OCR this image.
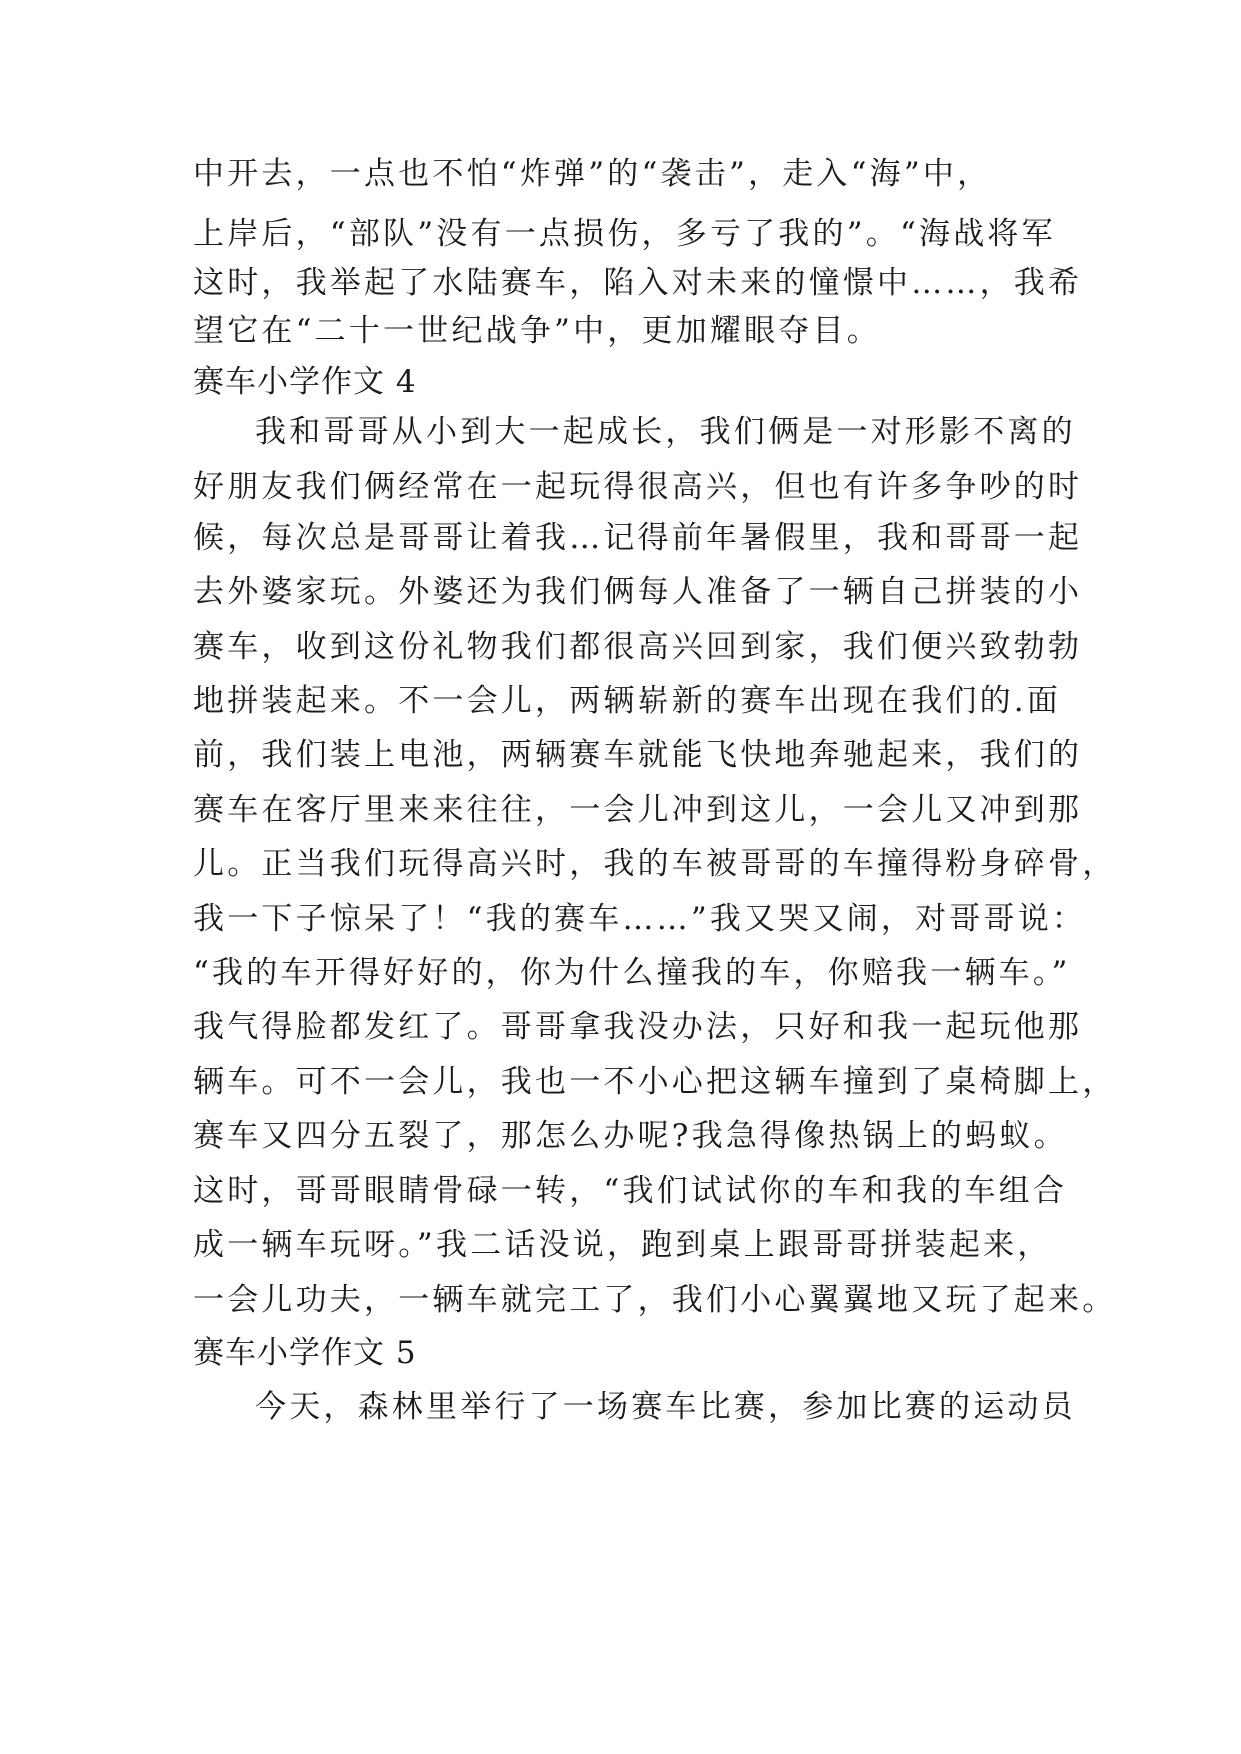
中开去，一点也不怕“炸弹”的“袭击”，走入“海”中，
上岸后，“部队”没有一点损伤，多亏了我的”。“海战将军
这时，我举起了水陆赛车，陷入对未来的憧憬中……，我希
望它在“二十一世纪战争”中，更加耀眼夺目。
赛车小学作文 4
我和哥哥从小到大一起成长，我们俩是一对形影不离的
好朋友我们俩经常在一起玩得很高兴，但也有许多争吵的时
候，每次总是哥哥让着我…记得前年暑假里，我和哥哥一起
去外婆家玩。外婆还为我们俩每人准备了一辆自己拼装的小
赛车，收到这份礼物我们都很高兴回到家，我们便兴致勃勃
地拼装起来。不一会儿，两辆崭新的赛车出现在我们的.面
前，我们装上电池，两辆赛车就能飞快地奔驰起来，我们的
赛车在客厅里来来往往，一会儿冲到这儿，一会儿又冲到那
儿。正当我们玩得高兴时，我的车被哥哥的车撞得粉身碎骨，
我一下子惊呆了！“我的赛车……”我又哭又闹，对哥哥说：
“我的车开得好好的，你为什么撞我的车，你赔我一辆车。”
我气得脸都发红了。哥哥拿我没办法，只好和我一起玩他那
辆车。可不一会儿，我也一不小心把这辆车撞到了桌椅脚上，
赛车又四分五裂了，那怎么办呢?我急得像热锅上的蚂蚁。
这时，哥哥眼睛骨碌一转，“我们试试你的车和我的车组合
成一辆车玩呀。”我二话没说，跑到桌上跟哥哥拼装起来，
一会儿功夫，一辆车就完工了，我们小心翼翼地又玩了起来。
赛车小学作文 5
今天，森林里举行了一场赛车比赛，参加比赛的运动员
